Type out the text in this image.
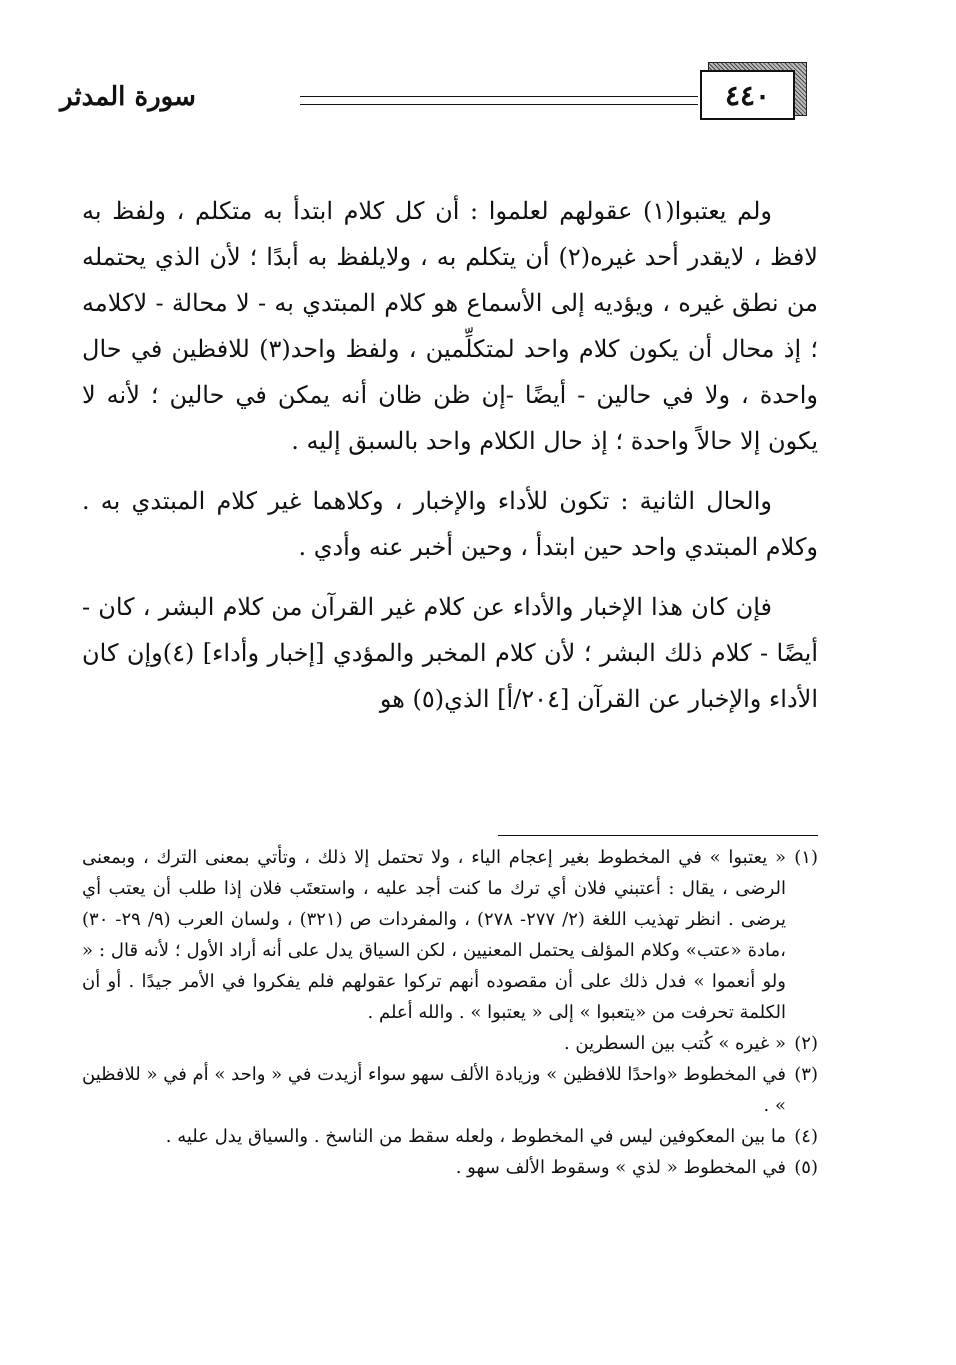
٤٤٠
سورة المدثر

ولم يعتبوا(١) عقولهم لعلموا : أن كل كلام ابتدأ به متكلم ، ولفظ به لافظ ، لايقدر أحد غيره(٢) أن يتكلم به ، ولايلفظ به أبدًا ؛ لأن الذي يحتمله من نطق غيره ، ويؤديه إلى الأسماع هو كلام المبتدي به - لا محالة - لاكلامه ؛ إذ محال أن يكون كلام واحد لمتكلِّمين ، ولفظ واحد(٣) للافظين في حال واحدة ، ولا في حالين - أيضًا -إن ظن ظان أنه يمكن في حالين ؛ لأنه لا يكون إلا حالاً واحدة ؛ إذ حال الكلام واحد بالسبق إليه .

والحال الثانية : تكون للأداء والإخبار ، وكلاهما غير كلام المبتدي به . وكلام المبتدي واحد حين ابتدأ ، وحين أخبر عنه وأدي .

فإن كان هذا الإخبار والأداء عن كلام غير القرآن من كلام البشر ، كان - أيضًا - كلام ذلك البشر ؛ لأن كلام المخبر والمؤدي [إخبار وأداء] (٤)وإن كان الأداء والإخبار عن القرآن [٢٠٤/أ] الذي(٥) هو

(١)« يعتبوا » في المخطوط بغير إعجام الياء ، ولا تحتمل إلا ذلك ، وتأتي بمعنى الترك ، وبمعنى الرضى ، يقال : أعتبني فلان أي ترك ما كنت أجد عليه ، واستعتَب فلان إذا طلب أن يعتب أي يرضى . انظر تهذيب اللغة (٢/ ٢٧٧- ٢٧٨) ، والمفردات ص (٣٢١) ، ولسان العرب (٩/ ٢٩- ٣٠) ،مادة «عتب» وكلام المؤلف يحتمل المعنيين ، لكن السياق يدل على أنه أراد الأول ؛ لأنه قال : « ولو أنعموا » فدل ذلك على أن مقصوده أنهم تركوا عقولهم فلم يفكروا في الأمر جيدًا . أو أن الكلمة تحرفت من «يتعبوا » إلى « يعتبوا » . والله أعلم .
(٢)« غيره » كُتب بين السطرين .
(٣)في المخطوط «واحدًا للافظين » وزيادة الألف سهو سواء أزيدت في « واحد » أم في « للافظين » .
(٤)ما بين المعكوفين ليس في المخطوط ، ولعله سقط من الناسخ . والسياق يدل عليه .
(٥)في المخطوط « لذي » وسقوط الألف سهو .
